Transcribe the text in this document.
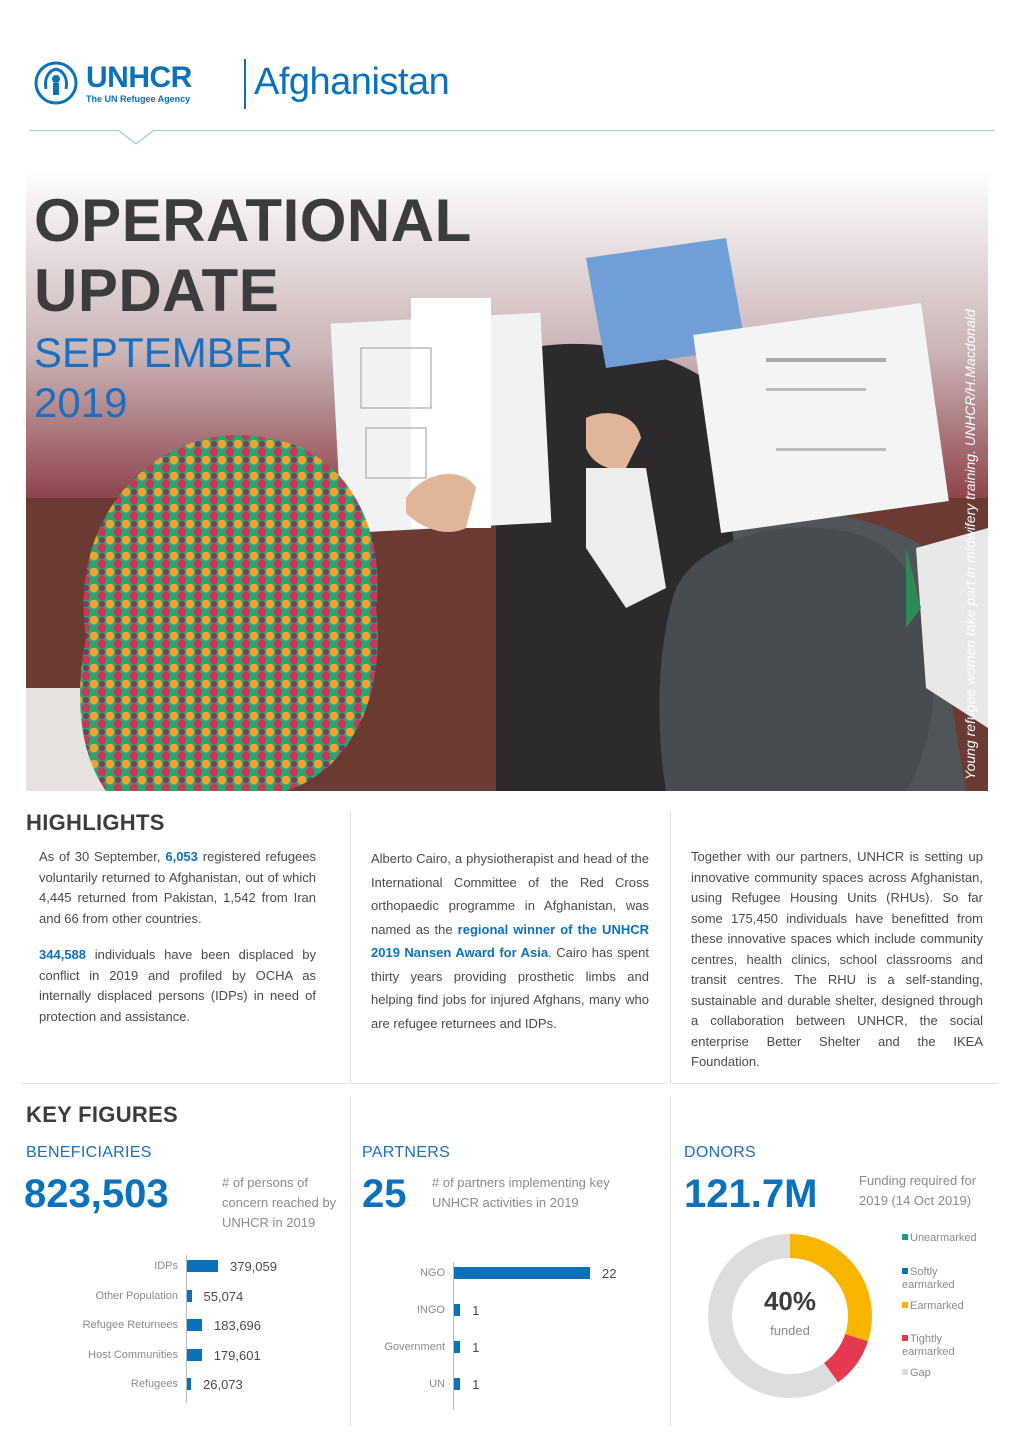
UNHCR
The UN Refugee Agency Afghanistan
OPERATIONAL
UPDATE
SEPTEMBER
2019	Young refugee women take part in midwifery training. UNHCR/H.Macdonald
HIGHLIGHTS

As of 30 September, 6,053 registered refugees voluntarily returned to Afghanistan, out of which 4,445 returned from Pakistan, 1,542 from Iran and 66 from other countries.

344,588 individuals have been displaced by conflict in 2019 and profiled by OCHA as internally displaced persons (IDPs) in need of protection and assistance.

Alberto Cairo, a physiotherapist and head of the International Committee of the Red Cross orthopaedic programme in Afghanistan, was named as the regional winner of the UNHCR 2019 Nansen Award for Asia. Cairo has spent thirty years providing prosthetic limbs and helping find jobs for injured Afghans, many who are refugee returnees and IDPs.

Together with our partners, UNHCR is setting up innovative community spaces across Afghanistan, using Refugee Housing Units (RHUs). So far some 175,450 individuals have benefitted from these innovative spaces which include community centres, health clinics, school classrooms and transit centres. The RHU is a self-standing, sustainable and durable shelter, designed through a collaboration between UNHCR, the social enterprise Better Shelter and the IKEA Foundation.

KEY FIGURES
BENEFICIARIES
823,503	# of persons of concern reached by UNHCR in 2019
IDPs	379,059
Other Population 55,074
Refugee Returnees	183,696
Host Communities	179,601
Refugees 26,073
PARTNERS
25 # of partners implementing key UNHCR activities in 2019
NGO	22
INGO 1
Government 1
UN 1
DONORS
121.7M	Funding required for 2019 (14 Oct 2019)
40%
funded
Unearmarked
Softly earmarked
Earmarked
Tightly earmarked
Gap
